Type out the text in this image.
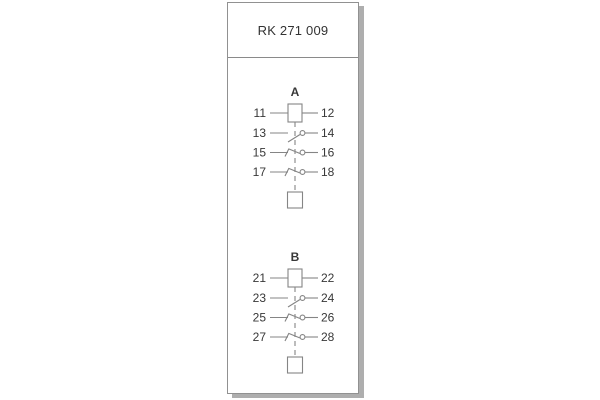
RK 271 009
A
11	12
13	14
15	16
17	18
B
21	22
23	24
25	26
27	28
